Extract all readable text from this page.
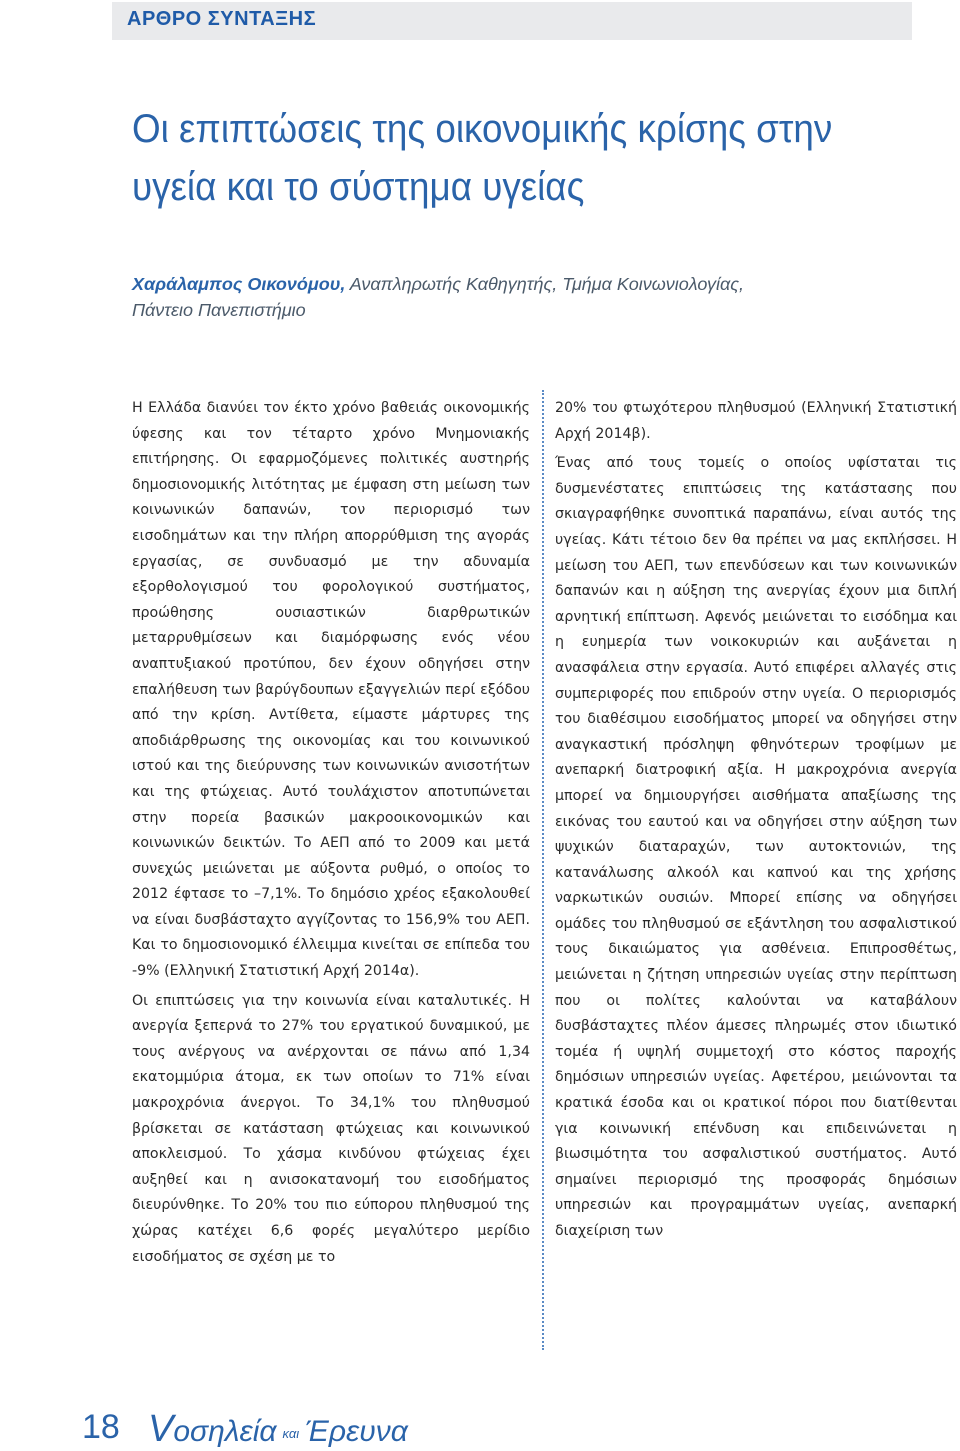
ΑΡΘΡΟ ΣΥΝΤΑΞΗΣ

Οι επιπτώσεις της οικονομικής κρίσης στην
υγεία και το σύστημα υγείας

Χαράλαμπος Οικονόμου, Αναπληρωτής Καθηγητής, Τμήμα Κοινωνιολογίας,
Πάντειο Πανεπιστήμιο

Η Ελλάδα διανύει τον έκτο χρόνο βαθειάς οικονομικής ύφεσης και τον τέταρτο χρόνο Μνημονιακής επιτήρησης. Οι εφαρμοζόμενες πολιτικές αυστηρής δημοσιονομικής λιτότητας με έμφαση στη μείωση των κοινωνικών δαπανών, τον περιορισμό των εισοδημάτων και την πλήρη απορρύθμιση της αγοράς εργασίας, σε συνδυασμό με την αδυναμία εξορθολογισμού του φορολογικού συστήματος, προώθησης ουσιαστικών διαρθρωτικών μεταρρυθμίσεων και διαμόρφωσης ενός νέου αναπτυξιακού προτύπου, δεν έχουν οδηγήσει στην επαλήθευση των βαρύγδουπων εξαγγελιών περί εξόδου από την κρίση. Αντίθετα, είμαστε μάρτυρες της αποδιάρθρωσης της οικονομίας και του κοινωνικού ιστού και της διεύρυνσης των κοινωνικών ανισοτήτων και της φτώχειας. Αυτό τουλάχιστον αποτυπώνεται στην πορεία βασικών μακροοικονομικών και κοινωνικών δεικτών. Το ΑΕΠ από το 2009 και μετά συνεχώς μειώνεται με αύξοντα ρυθμό, ο οποίος το 2012 έφτασε το –7,1%. Το δημόσιο χρέος εξακολουθεί να είναι δυσβάσταχτο αγγίζοντας το 156,9% του ΑΕΠ. Και το δημοσιονομικό έλλειμμα κινείται σε επίπεδα του -9% (Ελληνική Στατιστική Αρχή 2014α).

Οι επιπτώσεις για την κοινωνία είναι καταλυτικές. Η ανεργία ξεπερνά το 27% του εργατικού δυναμικού, με τους ανέργους να ανέρχονται σε πάνω από 1,34 εκατομμύρια άτομα, εκ των οποίων το 71% είναι μακροχρόνια άνεργοι. Το 34,1% του πληθυσμού βρίσκεται σε κατάσταση φτώχειας και κοινωνικού αποκλεισμού. Το χάσμα κινδύνου φτώχειας έχει αυξηθεί και η ανισοκατανομή του εισοδήματος διευρύνθηκε. Το 20% του πιο εύπορου πληθυσμού της χώρας κατέχει 6,6 φορές μεγαλύτερο μερίδιο εισοδήματος σε σχέση με το

20% του φτωχότερου πληθυσμού (Ελληνική Στατιστική Αρχή 2014β).

Ένας από τους τομείς ο οποίος υφίσταται τις δυσμενέστατες επιπτώσεις της κατάστασης που σκιαγραφήθηκε συνοπτικά παραπάνω, είναι αυτός της υγείας. Κάτι τέτοιο δεν θα πρέπει να μας εκπλήσσει. Η μείωση του ΑΕΠ, των επενδύσεων και των κοινωνικών δαπανών και η αύξηση της ανεργίας έχουν μια διπλή αρνητική επίπτωση. Αφενός μειώνεται το εισόδημα και η ευημερία των νοικοκυριών και αυξάνεται η ανασφάλεια στην εργασία. Αυτό επιφέρει αλλαγές στις συμπεριφορές που επιδρούν στην υγεία. Ο περιορισμός του διαθέσιμου εισοδήματος μπορεί να οδηγήσει στην αναγκαστική πρόσληψη φθηνότερων τροφίμων με ανεπαρκή διατροφική αξία. Η μακροχρόνια ανεργία μπορεί να δημιουργήσει αισθήματα απαξίωσης της εικόνας του εαυτού και να οδηγήσει στην αύξηση των ψυχικών διαταραχών, των αυτοκτονιών, της κατανάλωσης αλκοόλ και καπνού και της χρήσης ναρκωτικών ουσιών. Μπορεί επίσης να οδηγήσει ομάδες του πληθυσμού σε εξάντληση του ασφαλιστικού τους δικαιώματος για ασθένεια. Επιπροσθέτως, μειώνεται η ζήτηση υπηρεσιών υγείας στην περίπτωση που οι πολίτες καλούνται να καταβάλουν δυσβάσταχτες πλέον άμεσες πληρωμές στον ιδιωτικό τομέα ή υψηλή συμμετοχή στο κόστος παροχής δημόσιων υπηρεσιών υγείας. Αφετέρου, μειώνονται τα κρατικά έσοδα και οι κρατικοί πόροι που διατίθενται για κοινωνική επένδυση και επιδεινώνεται η βιωσιμότητα του ασφαλιστικού συστήματος. Αυτό σημαίνει περιορισμό της προσφοράς δημόσιων υπηρεσιών και προγραμμάτων υγείας, ανεπαρκή διαχείριση των

18 Vοσηλεία και Έρευνα
